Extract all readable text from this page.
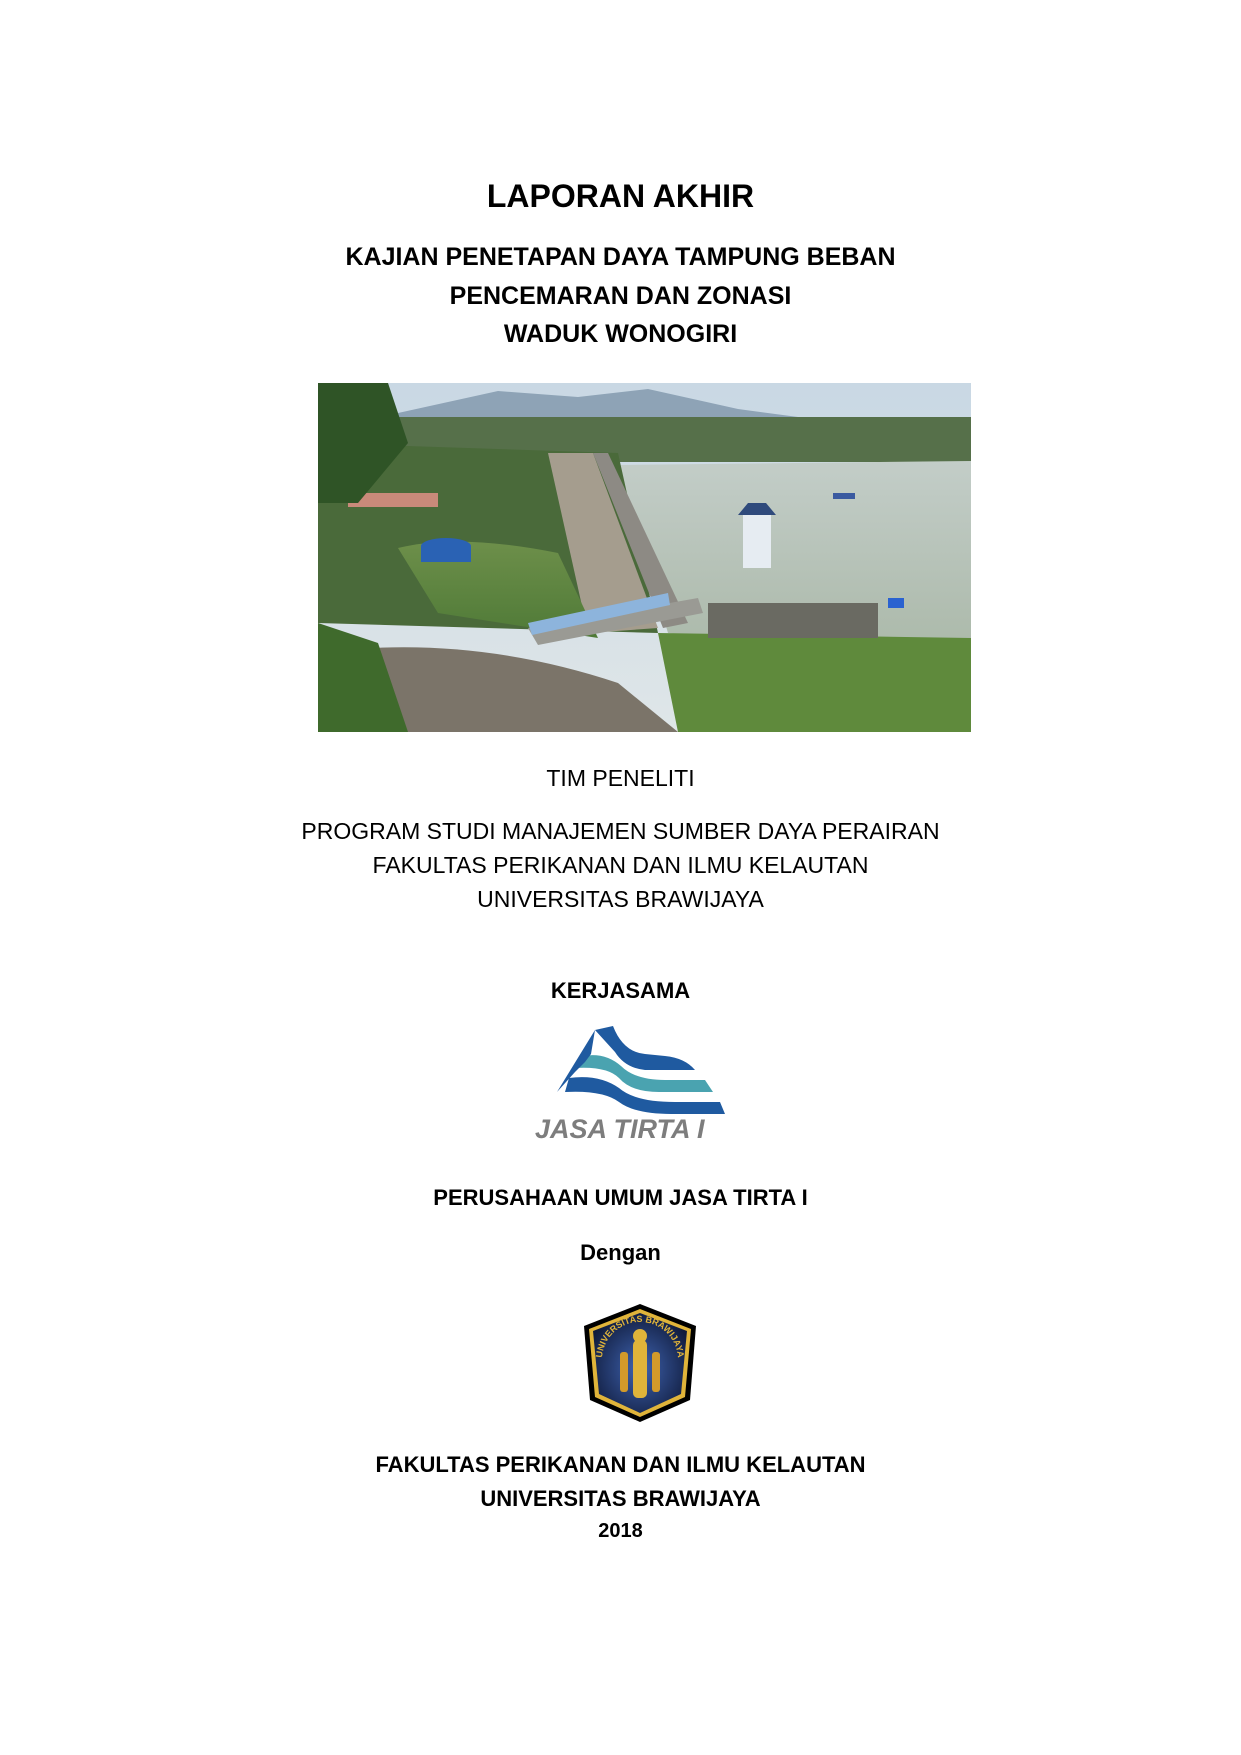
LAPORAN AKHIR
KAJIAN PENETAPAN DAYA TAMPUNG BEBAN
PENCEMARAN DAN ZONASI
WADUK WONOGIRI
TIM PENELITI
PROGRAM STUDI MANAJEMEN SUMBER DAYA PERAIRAN
FAKULTAS PERIKANAN DAN ILMU KELAUTAN
UNIVERSITAS BRAWIJAYA
KERJASAMA
JASA TIRTA I
PERUSAHAAN UMUM JASA TIRTA I
Dengan
UNIVERSITAS BRAWIJAYA
FAKULTAS PERIKANAN DAN ILMU KELAUTAN
UNIVERSITAS BRAWIJAYA
2018
